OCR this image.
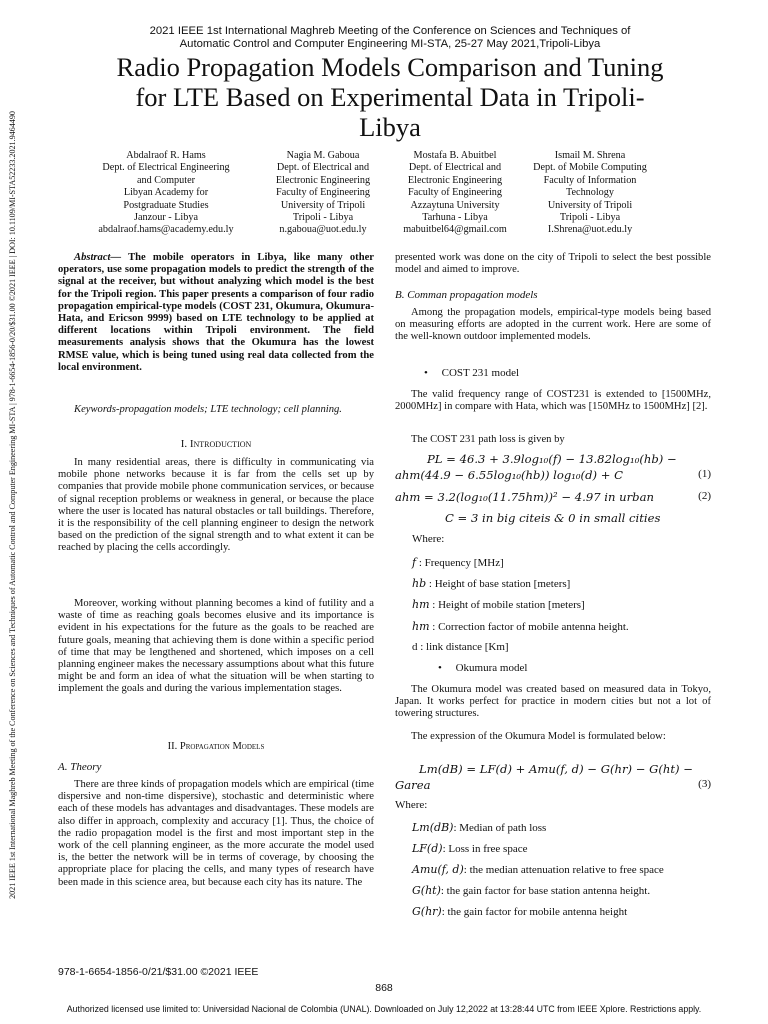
2021 IEEE 1st International Maghreb Meeting of the Conference on Sciences and Techniques of Automatic Control and Computer Engineering MI-STA | 978-1-6654-1856-0/20/$31.00 ©2021 IEEE | DOI: 10.1109/MI-STA52233.2021.9464490
2021 IEEE 1st International Maghreb Meeting of the Conference on Sciences and Techniques of
Automatic Control and Computer Engineering MI-STA, 25-27 May 2021,Tripoli-Libya
Radio Propagation Models Comparison and Tuning
for LTE Based on Experimental Data in Tripoli-
Libya
Abdalraof R. Hams
Dept. of Electrical Engineering
and Computer
Libyan Academy for
Postgraduate Studies
Janzour - Libya
abdalraof.hams@academy.edu.ly
Nagia M. Gaboua
Dept. of Electrical and
Electronic Engineering
Faculty of Engineering
University of Tripoli
Tripoli - Libya
n.gaboua@uot.edu.ly
Mostafa B. Abuitbel
Dept. of Electrical and
Electronic Engineering
Faculty of Engineering
Azzaytuna University
Tarhuna - Libya
mabuitbel64@gmail.com
Ismail M. Shrena
Dept. of Mobile Computing
Faculty of Information
Technology
University of Tripoli
Tripoli - Libya
I.Shrena@uot.edu.ly

Abstract— The mobile operators in Libya, like many other operators, use some propagation models to predict the strength of the signal at the receiver, but without analyzing which model is the best for the Tripoli region. This paper presents a comparison of four radio propagation empirical-type models (COST 231, Okumura, Okumura-Hata, and Ericson 9999) based on LTE technology to be applied at different locations within Tripoli environment. The field measurements analysis shows that the Okumura has the lowest RMSE value, which is being tuned using real data collected from the local environment.

Keywords-propagation models; LTE technology; cell planning.

I. Introduction

In many residential areas, there is difficulty in communicating via mobile phone networks because it is far from the cells set up by companies that provide mobile phone communication services, or because of signal reception problems or weakness in general, or because the place where the user is located has natural obstacles or tall buildings. Therefore, it is the responsibility of the cell planning engineer to design the network based on the prediction of the signal strength and to what extent it can be reached by placing the cells accordingly.

Moreover, working without planning becomes a kind of futility and a waste of time as reaching goals becomes elusive and its importance is evident in his expectations for the future as the goals to be reached are future goals, meaning that achieving them is done within a specific period of time that may be lengthened and shortened, which imposes on a cell planning engineer makes the necessary assumptions about what this future might be and form an idea of what the situation will be when starting to implement the goals and during the various implementation stages.

II. Propagation Models
A. Theory

There are three kinds of propagation models which are empirical (time dispersive and non-time dispersive), stochastic and deterministic where each of these models has advantages and disadvantages. These models are also differ in approach, complexity and accuracy [1]. Thus, the choice of the radio propagation model is the first and most important step in the work of the cell planning engineer, as the more accurate the model used is, the better the network will be in terms of coverage, by choosing the appropriate place for placing the cells, and many types of research have been made in this science area, but because each city has its nature. The

presented work was done on the city of Tripoli to select the best possible model and aimed to improve.

B. Comman propagation models

Among the propagation models, empirical-type models being based on measuring efforts are adopted in the current work. Here are some of the well-known outdoor implemented models.

•     COST 231 model

The valid frequency range of COST231 is extended to [1500MHz, 2000MHz] in compare with Hata, which was [150MHz to 1500MHz] [2].

The COST 231 path loss is given by

PL = 46.3 + 3.9log₁₀(f) − 13.82log₁₀(hb) −
ahm(44.9 − 6.55log₁₀(hb)) log₁₀(d) + C	(1)
ahm = 3.2(log₁₀(11.75hm))² − 4.97 in urban	(2)
C = 3 in big citeis & 0 in small cities
Where:
f : Frequency [MHz]
hb : Height of base station [meters]
hm : Height of mobile station [meters]
hm : Correction factor of mobile antenna height.
d : link distance [Km]
•     Okumura model

The Okumura model was created based on measured data in Tokyo, Japan. It works perfect for practice in modern cities but not a lot of towering structures.

The expression of the Okumura Model is formulated below:

Lm(dB) = LF(d) + Amu(f, d) − G(hr) − G(ht) −
Garea	(3)
Where:
Lm(dB): Median of path loss
LF(d): Loss in free space
Amu(f, d): the median attenuation relative to free space
G(ht): the gain factor for base station antenna height.
G(hr): the gain factor for mobile antenna height
978-1-6654-1856-0/21/$31.00 ©2021 IEEE
868
Authorized licensed use limited to: Universidad Nacional de Colombia (UNAL). Downloaded on July 12,2022 at 13:28:44 UTC from IEEE Xplore. Restrictions apply.
